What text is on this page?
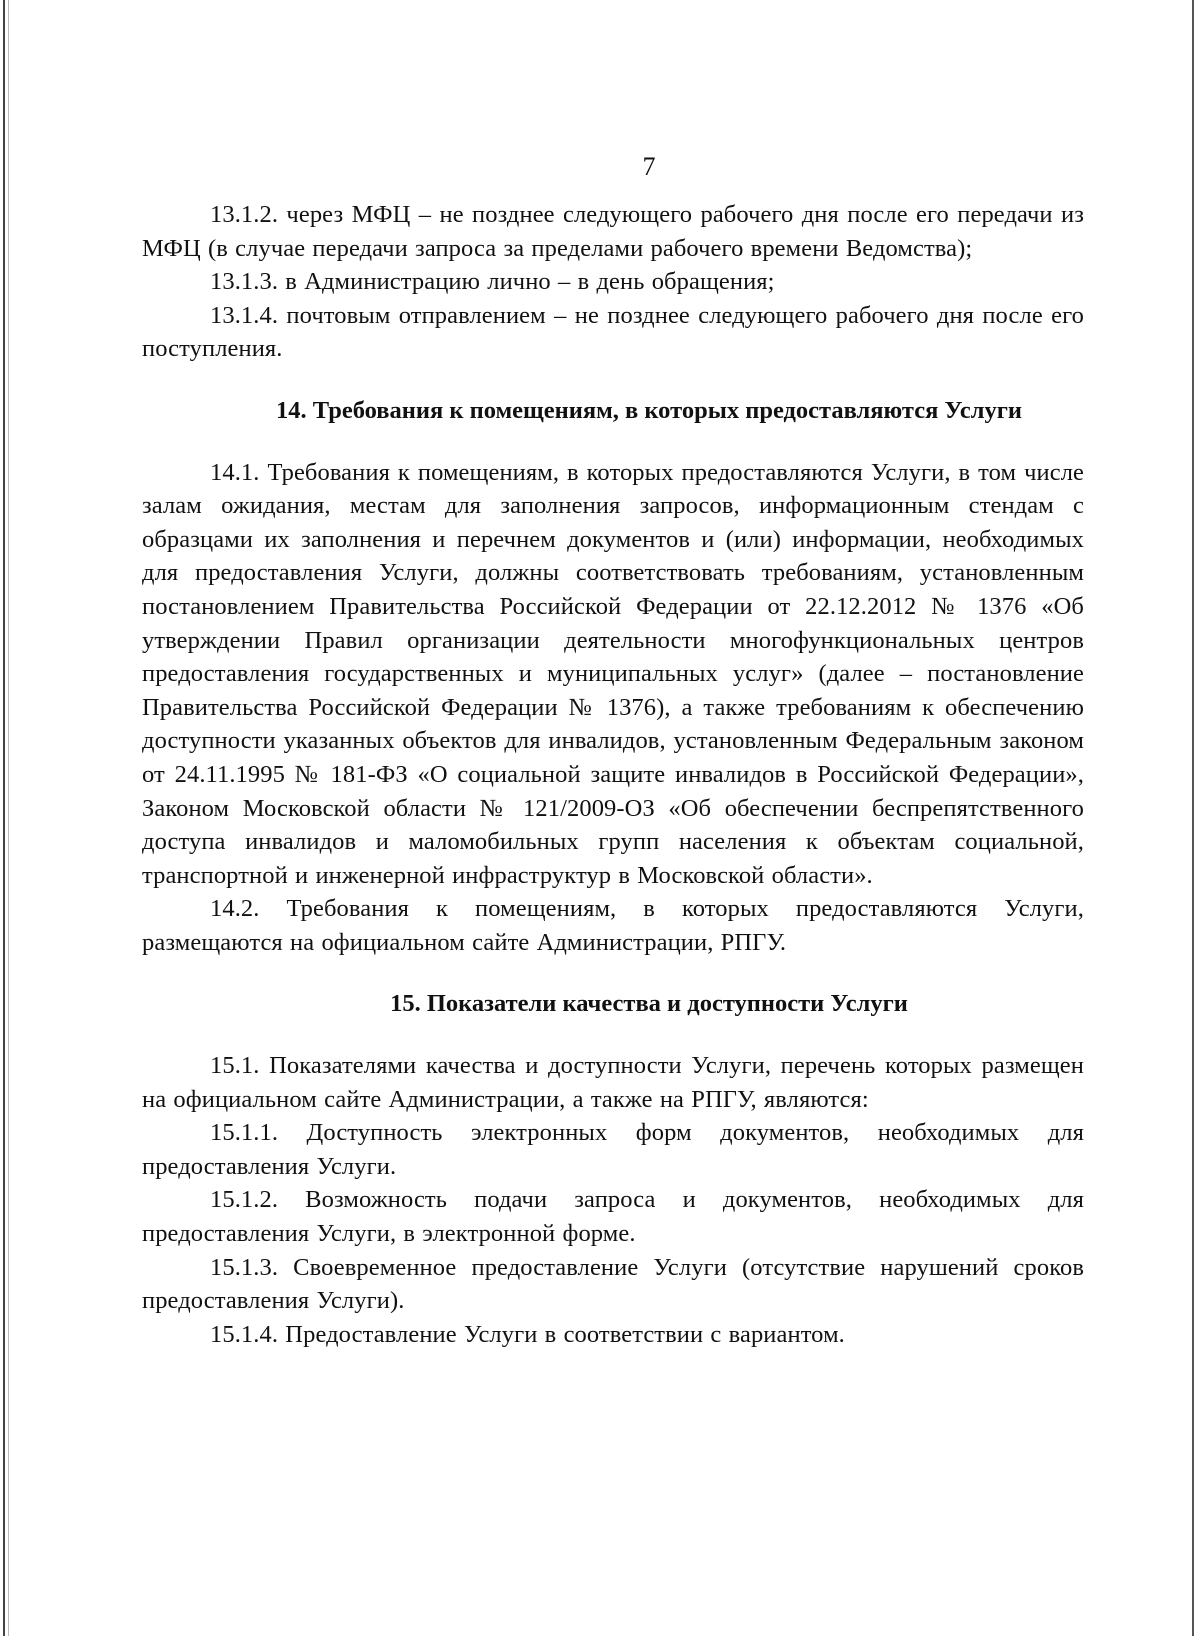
7

13.1.2. через МФЦ – не позднее следующего рабочего дня после его передачи из МФЦ (в случае передачи запроса за пределами рабочего времени Ведомства);

13.1.3. в Администрацию лично – в день обращения;

13.1.4. почтовым отправлением – не позднее следующего рабочего дня после его поступления.

14. Требования к помещениям, в которых предоставляются Услуги

14.1. Требования к помещениям, в которых предоставляются Услуги, в том числе залам ожидания, местам для заполнения запросов, информационным стендам с образцами их заполнения и перечнем документов и (или) информации, необходимых для предоставления Услуги, должны соответствовать требованиям, установленным постановлением Правительства Российской Федерации от 22.12.2012 № 1376 «Об утверждении Правил организации деятельности многофункциональных центров предоставления государственных и муниципальных услуг» (далее – постановление Правительства Российской Федерации № 1376), а также требованиям к обеспечению доступности указанных объектов для инвалидов, установленным Федеральным законом от 24.11.1995 № 181-ФЗ «О социальной защите инвалидов в Российской Федерации», Законом Московской области № 121/2009-ОЗ «Об обеспечении беспрепятственного доступа инвалидов и маломобильных групп населения к объектам социальной, транспортной и инженерной инфраструктур в Московской области».

14.2. Требования к помещениям, в которых предоставляются Услуги, размещаются на официальном сайте Администрации, РПГУ.

15. Показатели качества и доступности Услуги

15.1. Показателями качества и доступности Услуги, перечень которых размещен на официальном сайте Администрации, а также на РПГУ, являются:

15.1.1. Доступность электронных форм документов, необходимых для предоставления Услуги.

15.1.2. Возможность подачи запроса и документов, необходимых для предоставления Услуги, в электронной форме.

15.1.3. Своевременное предоставление Услуги (отсутствие нарушений сроков предоставления Услуги).

15.1.4. Предоставление Услуги в соответствии с вариантом.
